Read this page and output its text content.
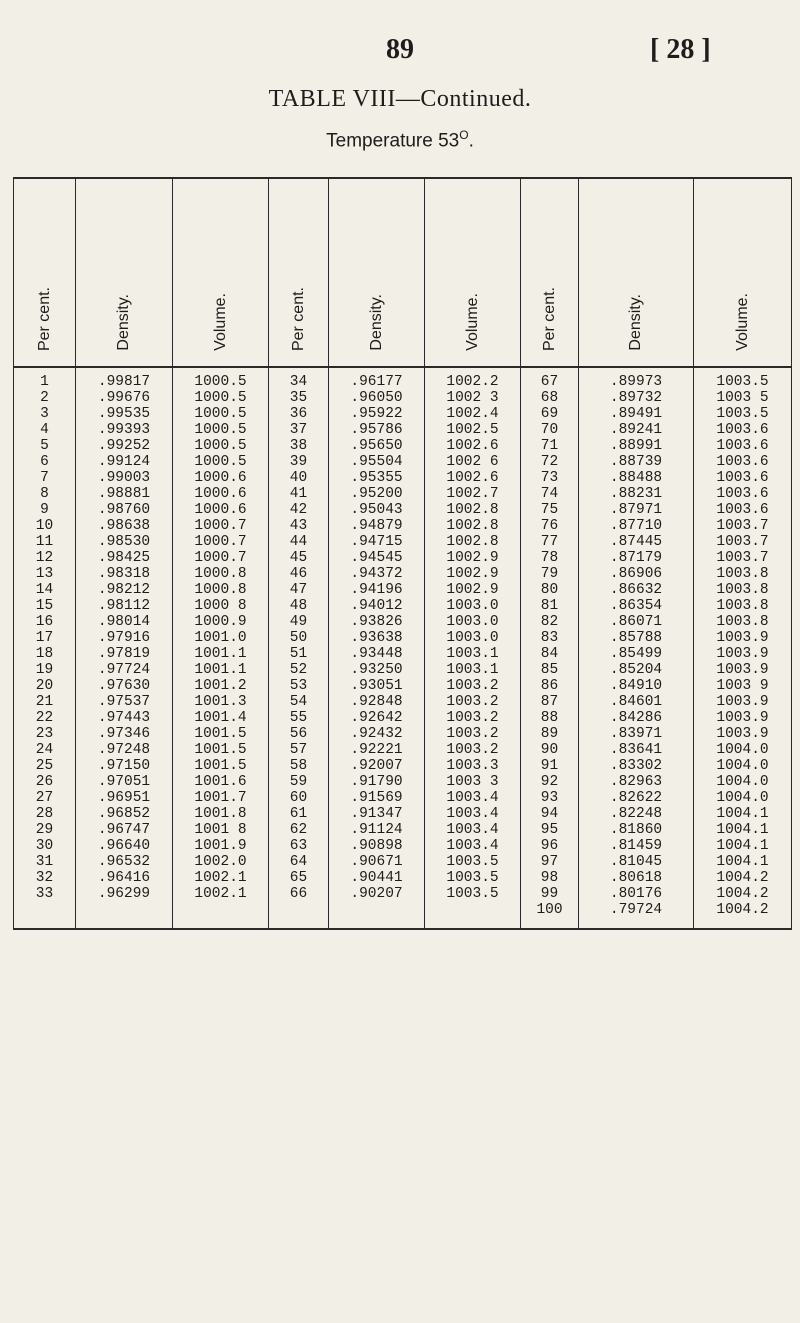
89	[ 28 ]
TABLE VIII—Continued.
Temperature $53^O$.
Per cent.	Density.	Volume.	Per cent.	Density.	Volume.	Per cent.	Density.	Volume.
1	.99817	1000.5	34	.96177	1002.2	67	.89973	1003.5
2	.99676	1000.5	35	.96050	1002 3	68	.89732	1003 5
3	.99535	1000.5	36	.95922	1002.4	69	.89491	1003.5
4	.99393	1000.5	37	.95786	1002.5	70	.89241	1003.6
5	.99252	1000.5	38	.95650	1002.6	71	.88991	1003.6
6	.99124	1000.5	39	.95504	1002 6	72	.88739	1003.6
7	.99003	1000.6	40	.95355	1002.6	73	.88488	1003.6
8	.98881	1000.6	41	.95200	1002.7	74	.88231	1003.6
9	.98760	1000.6	42	.95043	1002.8	75	.87971	1003.6
10	.98638	1000.7	43	.94879	1002.8	76	.87710	1003.7
11	.98530	1000.7	44	.94715	1002.8	77	.87445	1003.7
12	.98425	1000.7	45	.94545	1002.9	78	.87179	1003.7
13	.98318	1000.8	46	.94372	1002.9	79	.86906	1003.8
14	.98212	1000.8	47	.94196	1002.9	80	.86632	1003.8
15	.98112	1000 8	48	.94012	1003.0	81	.86354	1003.8
16	.98014	1000.9	49	.93826	1003.0	82	.86071	1003.8
17	.97916	1001.0	50	.93638	1003.0	83	.85788	1003.9
18	.97819	1001.1	51	.93448	1003.1	84	.85499	1003.9
19	.97724	1001.1	52	.93250	1003.1	85	.85204	1003.9
20	.97630	1001.2	53	.93051	1003.2	86	.84910	1003 9
21	.97537	1001.3	54	.92848	1003.2	87	.84601	1003.9
22	.97443	1001.4	55	.92642	1003.2	88	.84286	1003.9
23	.97346	1001.5	56	.92432	1003.2	89	.83971	1003.9
24	.97248	1001.5	57	.92221	1003.2	90	.83641	1004.0
25	.97150	1001.5	58	.92007	1003.3	91	.83302	1004.0
26	.97051	1001.6	59	.91790	1003 3	92	.82963	1004.0
27	.96951	1001.7	60	.91569	1003.4	93	.82622	1004.0
28	.96852	1001.8	61	.91347	1003.4	94	.82248	1004.1
29	.96747	1001 8	62	.91124	1003.4	95	.81860	1004.1
30	.96640	1001.9	63	.90898	1003.4	96	.81459	1004.1
31	.96532	1002.0	64	.90671	1003.5	97	.81045	1004.1
32	.96416	1002.1	65	.90441	1003.5	98	.80618	1004.2
33	.96299	1002.1	66	.90207	1003.5	99	.80176	1004.2
						100	.79724	1004.2
